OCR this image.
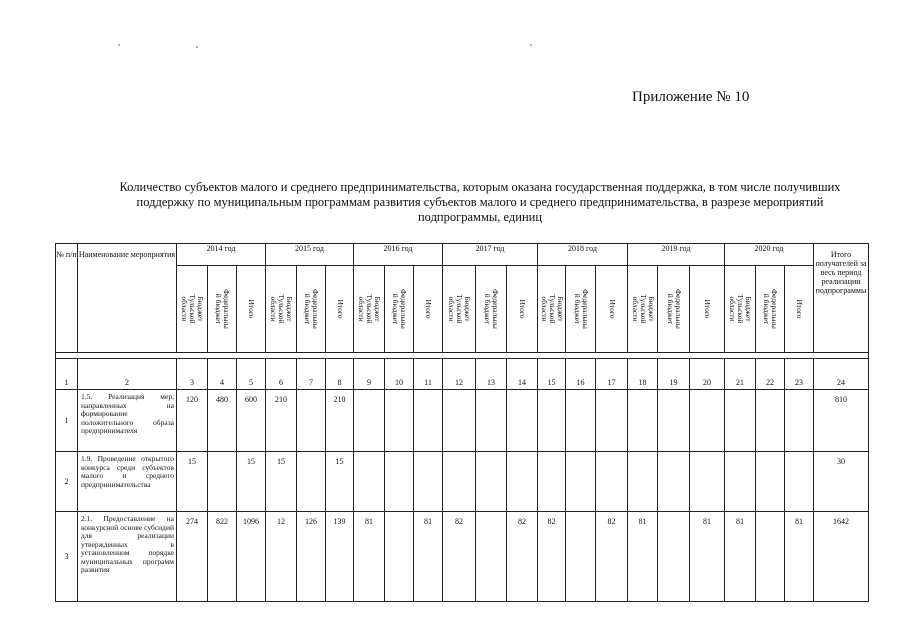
Приложение № 10
Количество субъектов малого и среднего предпринимательства, которым оказана государственная поддержка, в том числе получивших поддержку по муниципальным программам развития субъектов малого и среднего предпринимательства, в разрезе мероприятий подпрограммы, единиц
№ п/п	Наименование мероприятия	2014 год			2015 год			2016 год			2017 год			2018 год			2019 год			2020 год			Итого получателей за весь период реализации подпрограммы

		Бюджет
Тульской
области	Федеральны
й бюджет	Итого	Бюджет
Тульской
области	Федеральны
й бюджет	Итого	Бюджет
Тульской
области	Федеральны
й бюджет	Итого	Бюджет
Тульской
области	Федеральны
й бюджет	Итого	Бюджет
Тульской
области	Федеральны
й бюджет	Итого	Бюджет
Тульской
области	Федеральны
й бюджет	Итого	Бюджет
Тульской
области	Федеральны
й бюджет	Итого	

1	2	3	4	5	6	7	8	9	10	11	12	13	14	15	16	17	18	19	20	21	22	23	24
1	1.5. Реализация мер, направленных на формирование положительного образа предпринимателя	120	480	600	210		210																810
2	1.9. Проведение открытого конкурса среди субъектов малого и среднего предпринимательства	15		15	15		15																30
3	2.1. Предоставление на конкурсной основе субсидий для реализации утвержденных в установленном порядке муниципальных программ развития	274	822	1096	12	126	139	81		81	82		82	82		82	81		81	81		81	1642
